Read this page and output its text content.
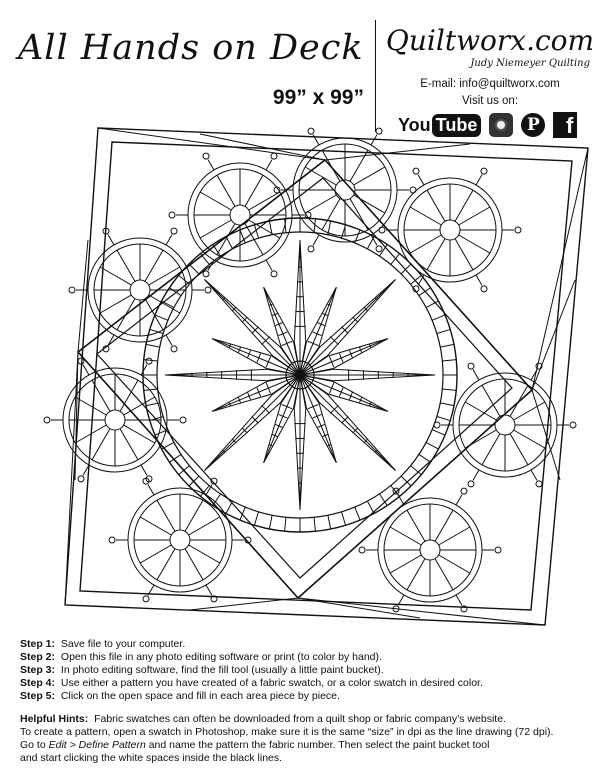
All Hands on Deck
99” x 99”
Quiltworx.com
Judy Niemeyer Quilting
E-mail: info@quiltworx.com
Visit us on:
You Tube	P	f
Step 1: Save file to your computer.
Step 2: Open this file in any photo editing software or print (to color by hand).
Step 3: In photo editing software, find the fill tool (usually a little paint bucket).
Step 4: Use either a pattern you have created of a fabric swatch, or a color swatch in desired color.
Step 5: Click on the open space and fill in each area piece by piece.

Helpful Hints: Fabric swatches can often be downloaded from a quilt shop or fabric company’s website.

To create a pattern, open a swatch in Photoshop, make sure it is the same “size” in dpi as the line drawing (72 dpi).

Go to Edit > Define Pattern and name the pattern the fabric number. Then select the paint bucket tool

and start clicking the white spaces inside the black lines.
